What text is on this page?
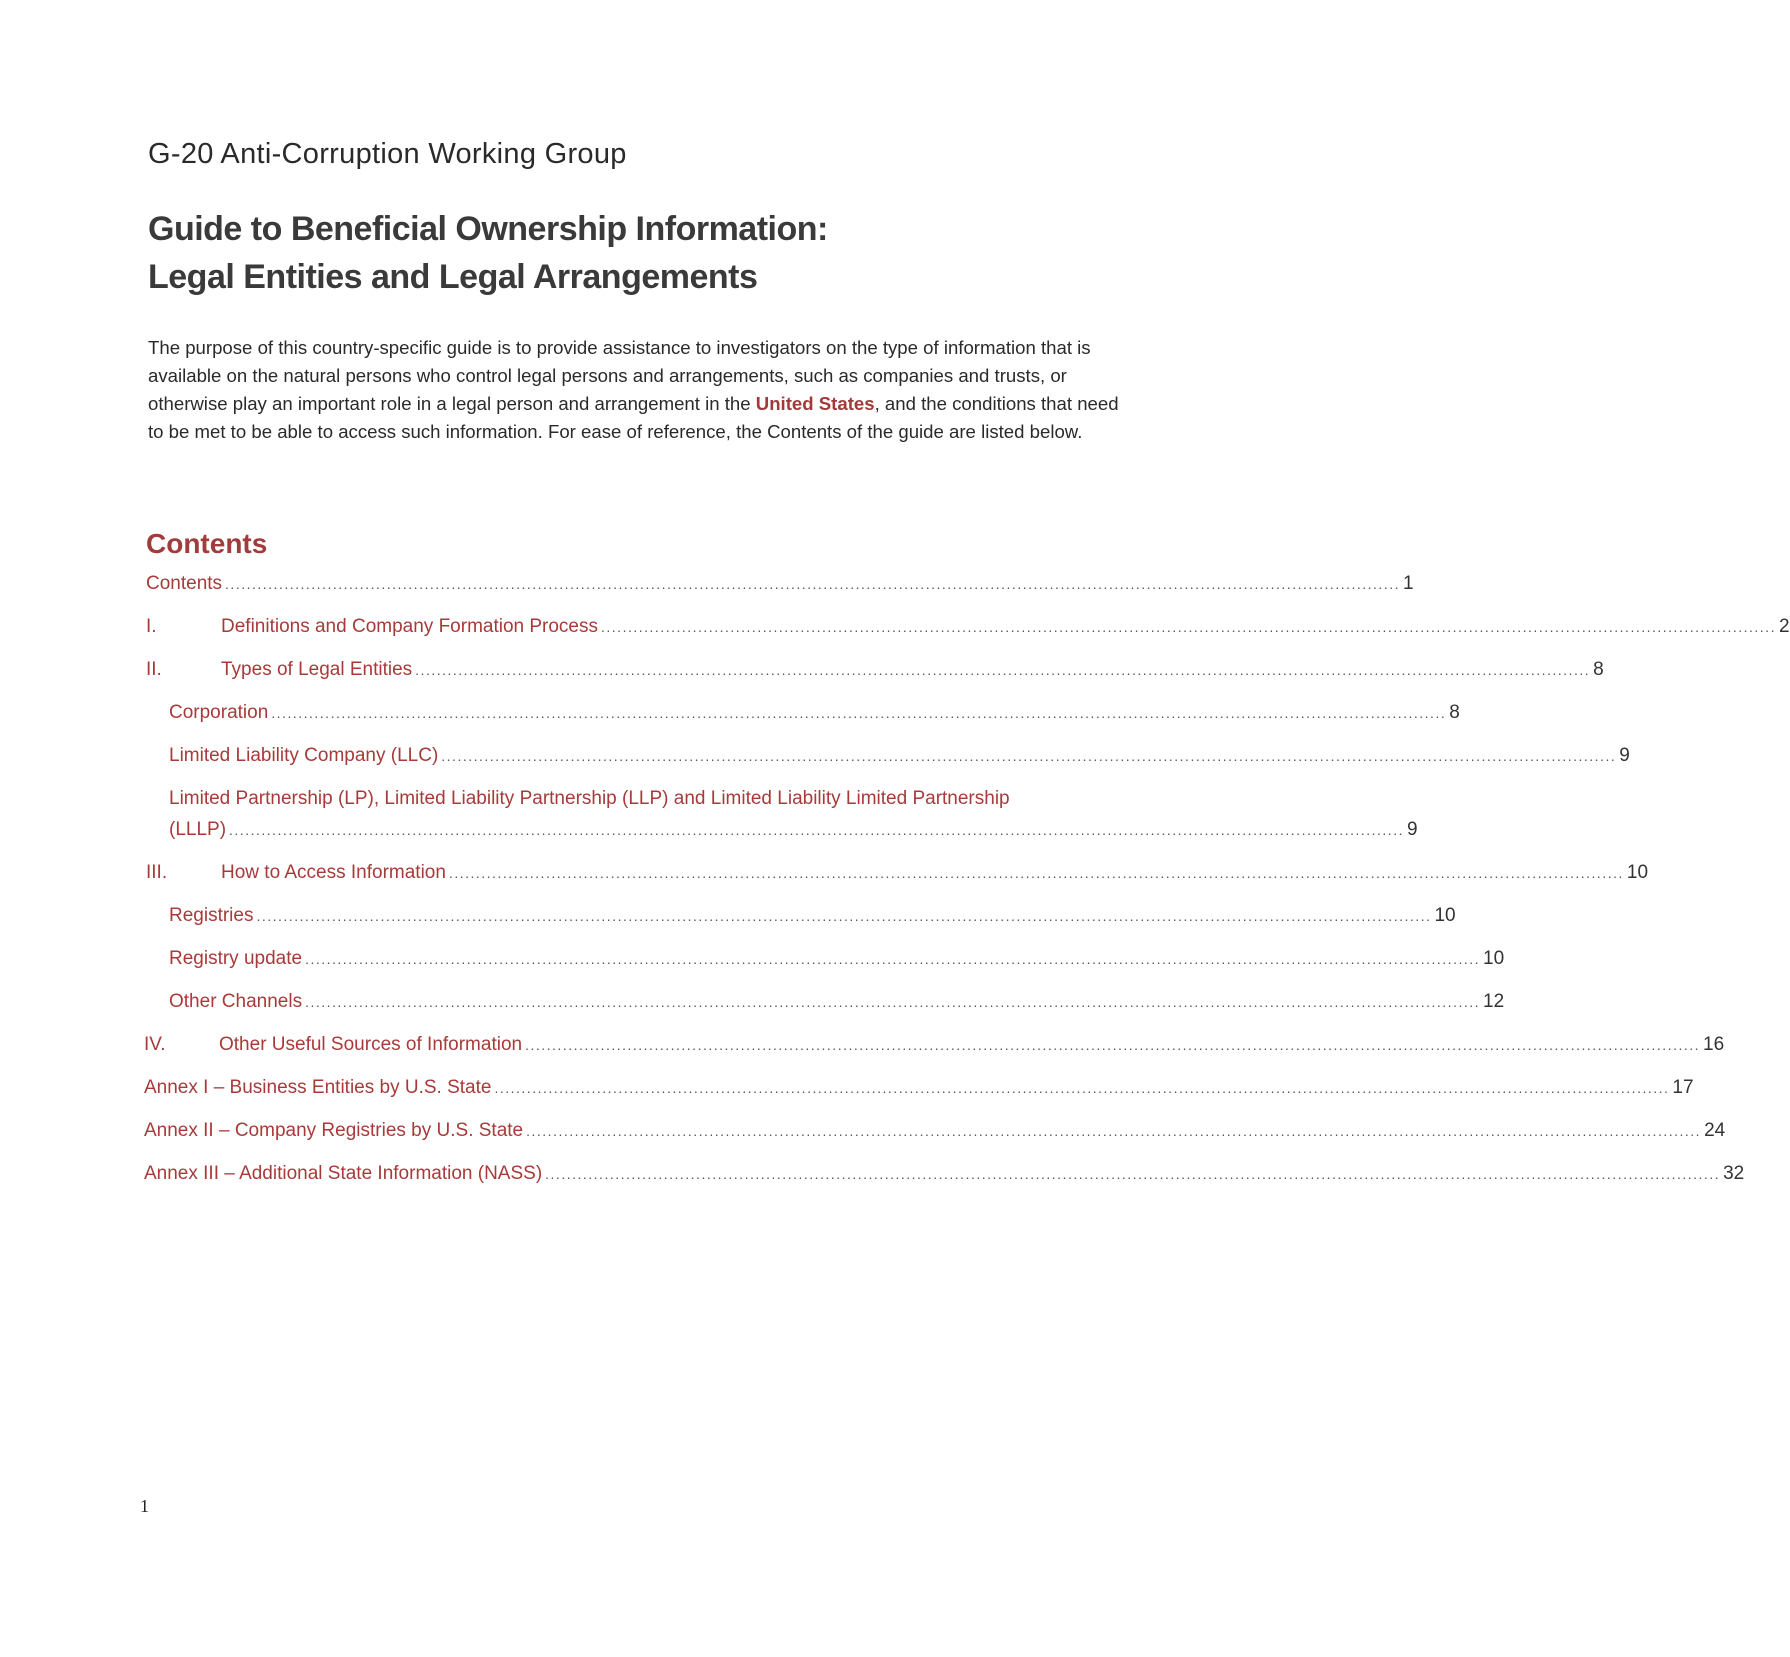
G-20 Anti-Corruption Working Group
Guide to Beneficial Ownership Information:
Legal Entities and Legal Arrangements
The purpose of this country-specific guide is to provide assistance to investigators on the type of information that is available on the natural persons who control legal persons and arrangements, such as companies and trusts, or otherwise play an important role in a legal person and arrangement in the United States, and the conditions that need to be met to be able to access such information. For ease of reference, the Contents of the guide are listed below.
Contents
Contents .......................................................................................................................................................................................................................... 1
I.	Definitions and Company Formation Process .......................................................................................................................................................................................................................... 2
II.	Types of Legal Entities .......................................................................................................................................................................................................................... 8
Corporation .......................................................................................................................................................................................................................... 8
Limited Liability Company (LLC) .......................................................................................................................................................................................................................... 9
Limited Partnership (LP), Limited Liability Partnership (LLP) and Limited Liability Limited Partnership
(LLLP) .......................................................................................................................................................................................................................... 9
III.	How to Access Information .......................................................................................................................................................................................................................... 10
Registries .......................................................................................................................................................................................................................... 10
Registry update .......................................................................................................................................................................................................................... 10
Other Channels .......................................................................................................................................................................................................................... 12
IV.	Other Useful Sources of Information .......................................................................................................................................................................................................................... 16
Annex I – Business Entities by U.S. State .......................................................................................................................................................................................................................... 17
Annex II – Company Registries by U.S. State .......................................................................................................................................................................................................................... 24
Annex III – Additional State Information (NASS) .......................................................................................................................................................................................................................... 32
1
